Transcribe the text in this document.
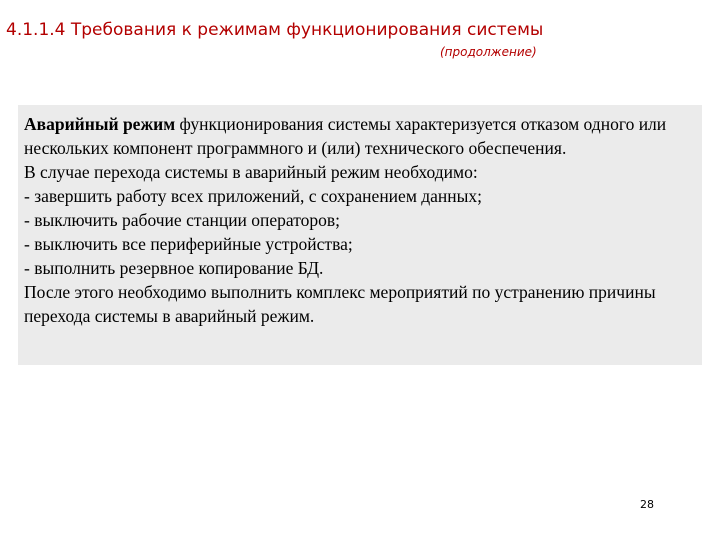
4.1.1.4 Требования к режимам функционирования системы
(продолжение)

Аварийный режим функционирования системы характеризуется отказом одного или нескольких компонент программного и (или) технического обеспечения.

В случае перехода системы в аварийный режим необходимо:

- завершить работу всех приложений, с сохранением данных;

- выключить рабочие станции операторов;

- выключить все периферийные устройства;

- выполнить резервное копирование БД.

После этого необходимо выполнить комплекс мероприятий по устранению причины перехода системы в аварийный режим.

28
